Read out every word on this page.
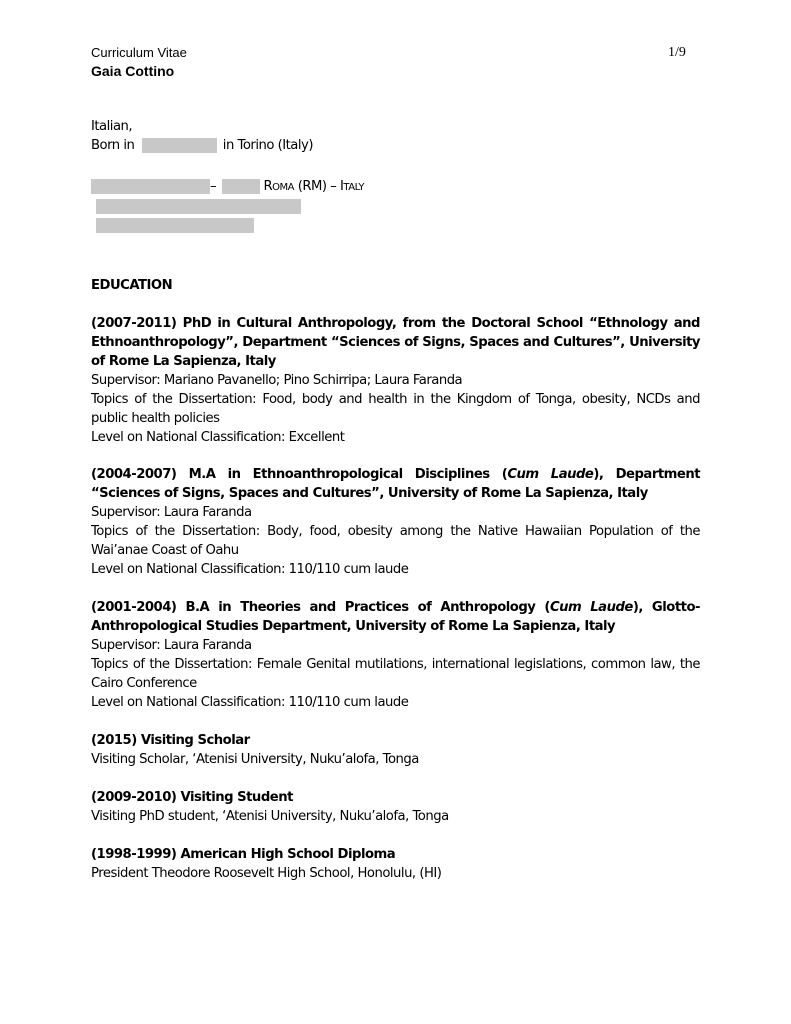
Curriculum Vitae
Gaia Cottino
1/9
Italian,
Born in	in Torino (Italy)
–	ROMA (RM) – ITALY
EDUCATION

(2007-2011) PhD in Cultural Anthropology, from the Doctoral School “Ethnology and Ethnoanthropology”, Department “Sciences of Signs, Spaces and Cultures”, University of Rome La Sapienza, Italy

Supervisor: Mariano Pavanello; Pino Schirripa; Laura Faranda

Topics of the Dissertation: Food, body and health in the Kingdom of Tonga, obesity, NCDs and public health policies

Level on National Classification: Excellent

(2004-2007) M.A in Ethnoanthropological Disciplines (Cum Laude), Department “Sciences of Signs, Spaces and Cultures”, University of Rome La Sapienza, Italy

Supervisor: Laura Faranda

Topics of the Dissertation: Body, food, obesity among the Native Hawaiian Population of the Wai’anae Coast of Oahu

Level on National Classification: 110/110 cum laude

(2001-2004) B.A in Theories and Practices of Anthropology (Cum Laude), Glotto-Anthropological Studies Department, University of Rome La Sapienza, Italy

Supervisor: Laura Faranda

Topics of the Dissertation: Female Genital mutilations, international legislations, common law, the Cairo Conference

Level on National Classification: 110/110 cum laude

(2015) Visiting Scholar

Visiting Scholar, ‘Atenisi University, Nuku’alofa, Tonga

(2009-2010) Visiting Student

Visiting PhD student, ‘Atenisi University, Nuku’alofa, Tonga

(1998-1999) American High School Diploma

President Theodore Roosevelt High School, Honolulu, (HI)
